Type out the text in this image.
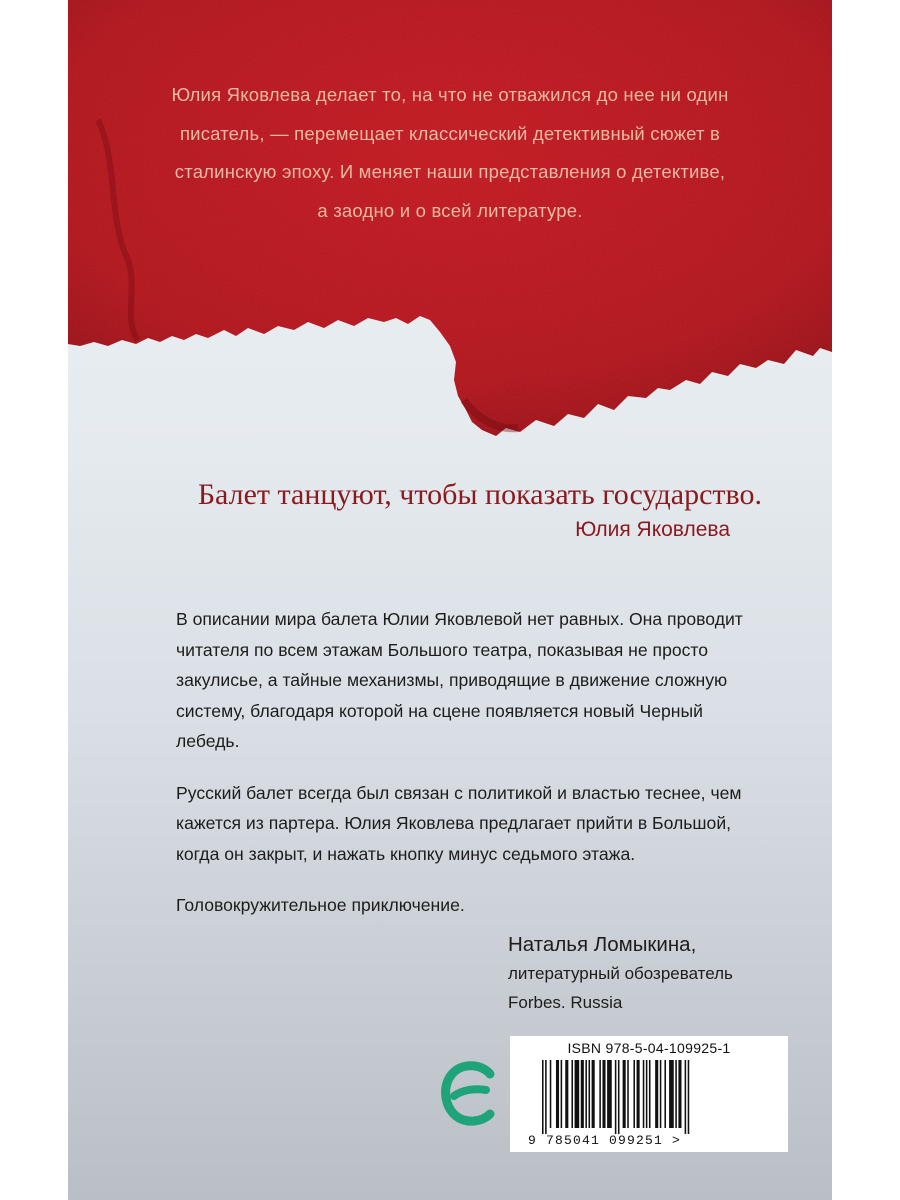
Юлия Яковлева делает то, на что не отважился до нее ни один
писатель, — перемещает классический детективный сюжет в
сталинскую эпоху. И меняет наши представления о детективе,
а заодно и о всей литературе.

Балет танцуют, чтобы показать государство.

Юлия Яковлева

В описании мира балета Юлии Яковлевой нет равных. Она проводит читателя по всем этажам Большого театра, показывая не просто закулисье, а тайные механизмы, приводящие в движение сложную систему, благодаря которой на сцене появляется новый Черный лебедь.

Русский балет всегда был связан с политикой и властью теснее, чем кажется из партера. Юлия Яковлева предлагает прийти в Большой, когда он закрыт, и нажать кнопку минус седьмого этажа.

Головокружительное приключение.

Наталья Ломыкина,
литературный обозреватель
Forbes. Russia
ISBN 978-5-04-109925-1
9 785041 099251 >
